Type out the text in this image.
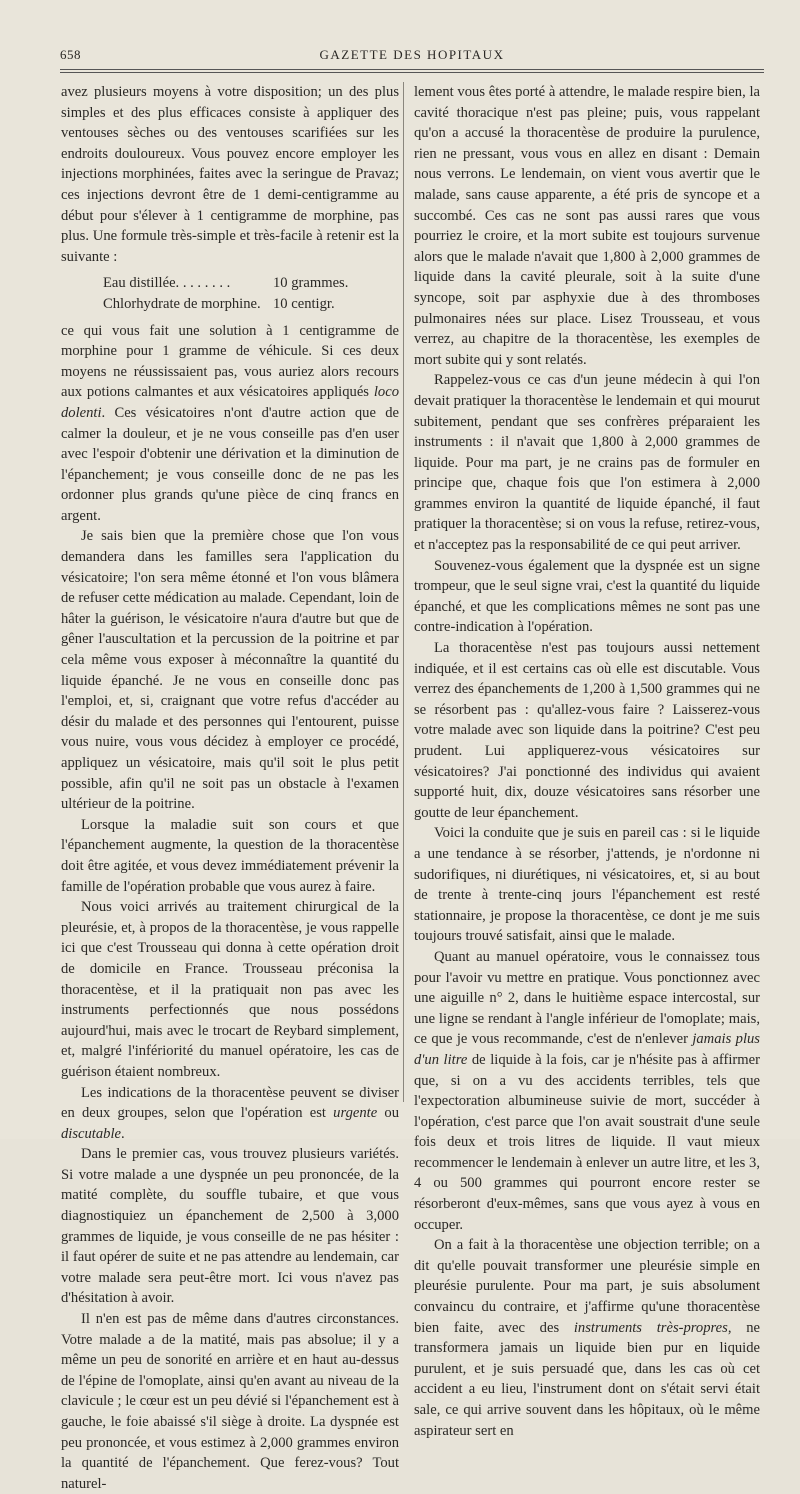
658	GAZETTE DES HOPITAUX

avez plusieurs moyens à votre disposition; un des plus simples et des plus efficaces consiste à appliquer des ventouses sèches ou des ventouses scarifiées sur les endroits douloureux. Vous pouvez encore employer les injections morphinées, faites avec la seringue de Pravaz; ces injections devront être de 1 demi-centigramme au début pour s'élever à 1 centigramme de morphine, pas plus. Une formule très-simple et très-facile à retenir est la suivante :

Eau distillée. . . . . . . .	10 grammes.
Chlorhydrate de morphine. 10 centigr.

ce qui vous fait une solution à 1 centigramme de morphine pour 1 gramme de véhicule. Si ces deux moyens ne réussissaient pas, vous auriez alors recours aux potions calmantes et aux vésicatoires appliqués loco dolenti. Ces vésicatoires n'ont d'autre action que de calmer la douleur, et je ne vous conseille pas d'en user avec l'espoir d'obtenir une dérivation et la diminution de l'épanchement; je vous conseille donc de ne pas les ordonner plus grands qu'une pièce de cinq francs en argent.

Je sais bien que la première chose que l'on vous demandera dans les familles sera l'application du vésicatoire; l'on sera même étonné et l'on vous blâmera de refuser cette médication au malade. Cependant, loin de hâter la guérison, le vésicatoire n'aura d'autre but que de gêner l'auscultation et la percussion de la poitrine et par cela même vous exposer à méconnaître la quantité du liquide épanché. Je ne vous en conseille donc pas l'emploi, et, si, craignant que votre refus d'accéder au désir du malade et des personnes qui l'entourent, puisse vous nuire, vous vous décidez à employer ce procédé, appliquez un vésicatoire, mais qu'il soit le plus petit possible, afin qu'il ne soit pas un obstacle à l'examen ultérieur de la poitrine.

Lorsque la maladie suit son cours et que l'épanchement augmente, la question de la thoracentèse doit être agitée, et vous devez immédiatement prévenir la famille de l'opération probable que vous aurez à faire.

Nous voici arrivés au traitement chirurgical de la pleurésie, et, à propos de la thoracentèse, je vous rappelle ici que c'est Trousseau qui donna à cette opération droit de domicile en France. Trousseau préconisa la thoracentèse, et il la pratiquait non pas avec les instruments perfectionnés que nous possédons aujourd'hui, mais avec le trocart de Reybard simplement, et, malgré l'infériorité du manuel opératoire, les cas de guérison étaient nombreux.

Les indications de la thoracentèse peuvent se diviser en deux groupes, selon que l'opération est urgente ou discutable.

Dans le premier cas, vous trouvez plusieurs variétés. Si votre malade a une dyspnée un peu prononcée, de la matité complète, du souffle tubaire, et que vous diagnostiquiez un épanchement de 2,500 à 3,000 grammes de liquide, je vous conseille de ne pas hésiter : il faut opérer de suite et ne pas attendre au lendemain, car votre malade sera peut-être mort. Ici vous n'avez pas d'hésitation à avoir.

Il n'en est pas de même dans d'autres circonstances. Votre malade a de la matité, mais pas absolue; il y a même un peu de sonorité en arrière et en haut au-dessus de l'épine de l'omoplate, ainsi qu'en avant au niveau de la clavicule ; le cœur est un peu dévié si l'épanchement est à gauche, le foie abaissé s'il siège à droite. La dyspnée est peu prononcée, et vous estimez à 2,000 grammes environ la quantité de l'épanchement. Que ferez-vous? Tout naturel-

lement vous êtes porté à attendre, le malade respire bien, la cavité thoracique n'est pas pleine; puis, vous rappelant qu'on a accusé la thoracentèse de produire la purulence, rien ne pressant, vous vous en allez en disant : Demain nous verrons. Le lendemain, on vient vous avertir que le malade, sans cause apparente, a été pris de syncope et a succombé. Ces cas ne sont pas aussi rares que vous pourriez le croire, et la mort subite est toujours survenue alors que le malade n'avait que 1,800 à 2,000 grammes de liquide dans la cavité pleurale, soit à la suite d'une syncope, soit par asphyxie due à des thromboses pulmonaires nées sur place. Lisez Trousseau, et vous verrez, au chapitre de la thoracentèse, les exemples de mort subite qui y sont relatés.

Rappelez-vous ce cas d'un jeune médecin à qui l'on devait pratiquer la thoracentèse le lendemain et qui mourut subitement, pendant que ses confrères préparaient les instruments : il n'avait que 1,800 à 2,000 grammes de liquide. Pour ma part, je ne crains pas de formuler en principe que, chaque fois que l'on estimera à 2,000 grammes environ la quantité de liquide épanché, il faut pratiquer la thoracentèse; si on vous la refuse, retirez-vous, et n'acceptez pas la responsabilité de ce qui peut arriver.

Souvenez-vous également que la dyspnée est un signe trompeur, que le seul signe vrai, c'est la quantité du liquide épanché, et que les complications mêmes ne sont pas une contre-indication à l'opération.

La thoracentèse n'est pas toujours aussi nettement indiquée, et il est certains cas où elle est discutable. Vous verrez des épanchements de 1,200 à 1,500 grammes qui ne se résorbent pas : qu'allez-vous faire ? Laisserez-vous votre malade avec son liquide dans la poitrine? C'est peu prudent. Lui appliquerez-vous vésicatoires sur vésicatoires? J'ai ponctionné des individus qui avaient supporté huit, dix, douze vésicatoires sans résorber une goutte de leur épanchement.

Voici la conduite que je suis en pareil cas : si le liquide a une tendance à se résorber, j'attends, je n'ordonne ni sudorifiques, ni diurétiques, ni vésicatoires, et, si au bout de trente à trente-cinq jours l'épanchement est resté stationnaire, je propose la thoracentèse, ce dont je me suis toujours trouvé satisfait, ainsi que le malade.

Quant au manuel opératoire, vous le connaissez tous pour l'avoir vu mettre en pratique. Vous ponctionnez avec une aiguille n° 2, dans le huitième espace intercostal, sur une ligne se rendant à l'angle inférieur de l'omoplate; mais, ce que je vous recommande, c'est de n'enlever jamais plus d'un litre de liquide à la fois, car je n'hésite pas à affirmer que, si on a vu des accidents terribles, tels que l'expectoration albumineuse suivie de mort, succéder à l'opération, c'est parce que l'on avait soustrait d'une seule fois deux et trois litres de liquide. Il vaut mieux recommencer le lendemain à enlever un autre litre, et les 3, 4 ou 500 grammes qui pourront encore rester se résorberont d'eux-mêmes, sans que vous ayez à vous en occuper.

On a fait à la thoracentèse une objection terrible; on a dit qu'elle pouvait transformer une pleurésie simple en pleurésie purulente. Pour ma part, je suis absolument convaincu du contraire, et j'affirme qu'une thoracentèse bien faite, avec des instruments très-propres, ne transformera jamais un liquide bien pur en liquide purulent, et je suis persuadé que, dans les cas où cet accident a eu lieu, l'instrument dont on s'était servi était sale, ce qui arrive souvent dans les hôpitaux, où le même aspirateur sert en
